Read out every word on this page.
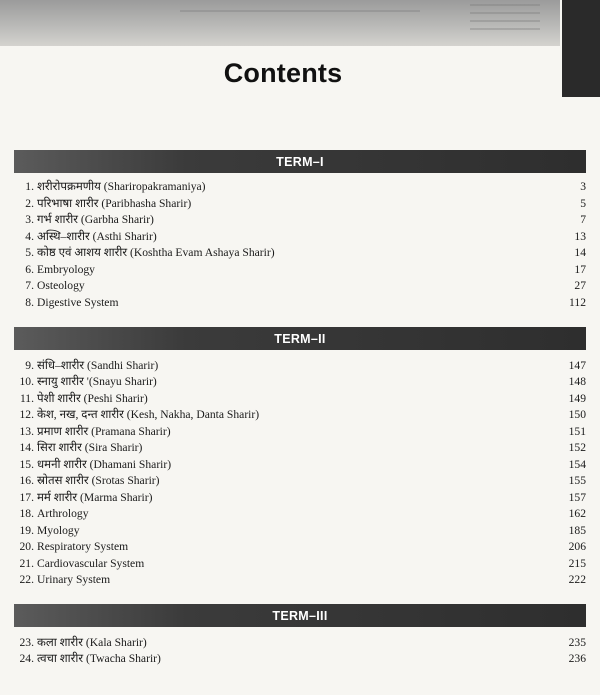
Contents
TERM–I
1. शरीरोपक्रमणीय (Shariropakramaniya)	3
2. परिभाषा शारीर (Paribhasha Sharir)	5
3. गर्भ शारीर (Garbha Sharir)	7
4. अस्थि–शारीर (Asthi Sharir)	13
5. कोष्ठ एवं आशय शारीर (Koshtha Evam Ashaya Sharir)	14
6. Embryology	17
7. Osteology	27
8. Digestive System	112
TERM–II
9. संधि–शारीर (Sandhi Sharir)	147
10. स्नायु शारीर '(Snayu Sharir)	148
11. पेशी शारीर (Peshi Sharir)	149
12. केश, नख, दन्त शारीर (Kesh, Nakha, Danta Sharir)	150
13. प्रमाण शारीर (Pramana Sharir)	151
14. सिरा शारीर (Sira Sharir)	152
15. धमनी शारीर (Dhamani Sharir)	154
16. स्रोतस शारीर (Srotas Sharir)	155
17. मर्म शारीर (Marma Sharir)	157
18. Arthrology	162
19. Myology	185
20. Respiratory System	206
21. Cardiovascular System	215
22. Urinary System	222
TERM–III
23. कला शारीर (Kala Sharir)	235
24. त्वचा शारीर (Twacha Sharir)	236
